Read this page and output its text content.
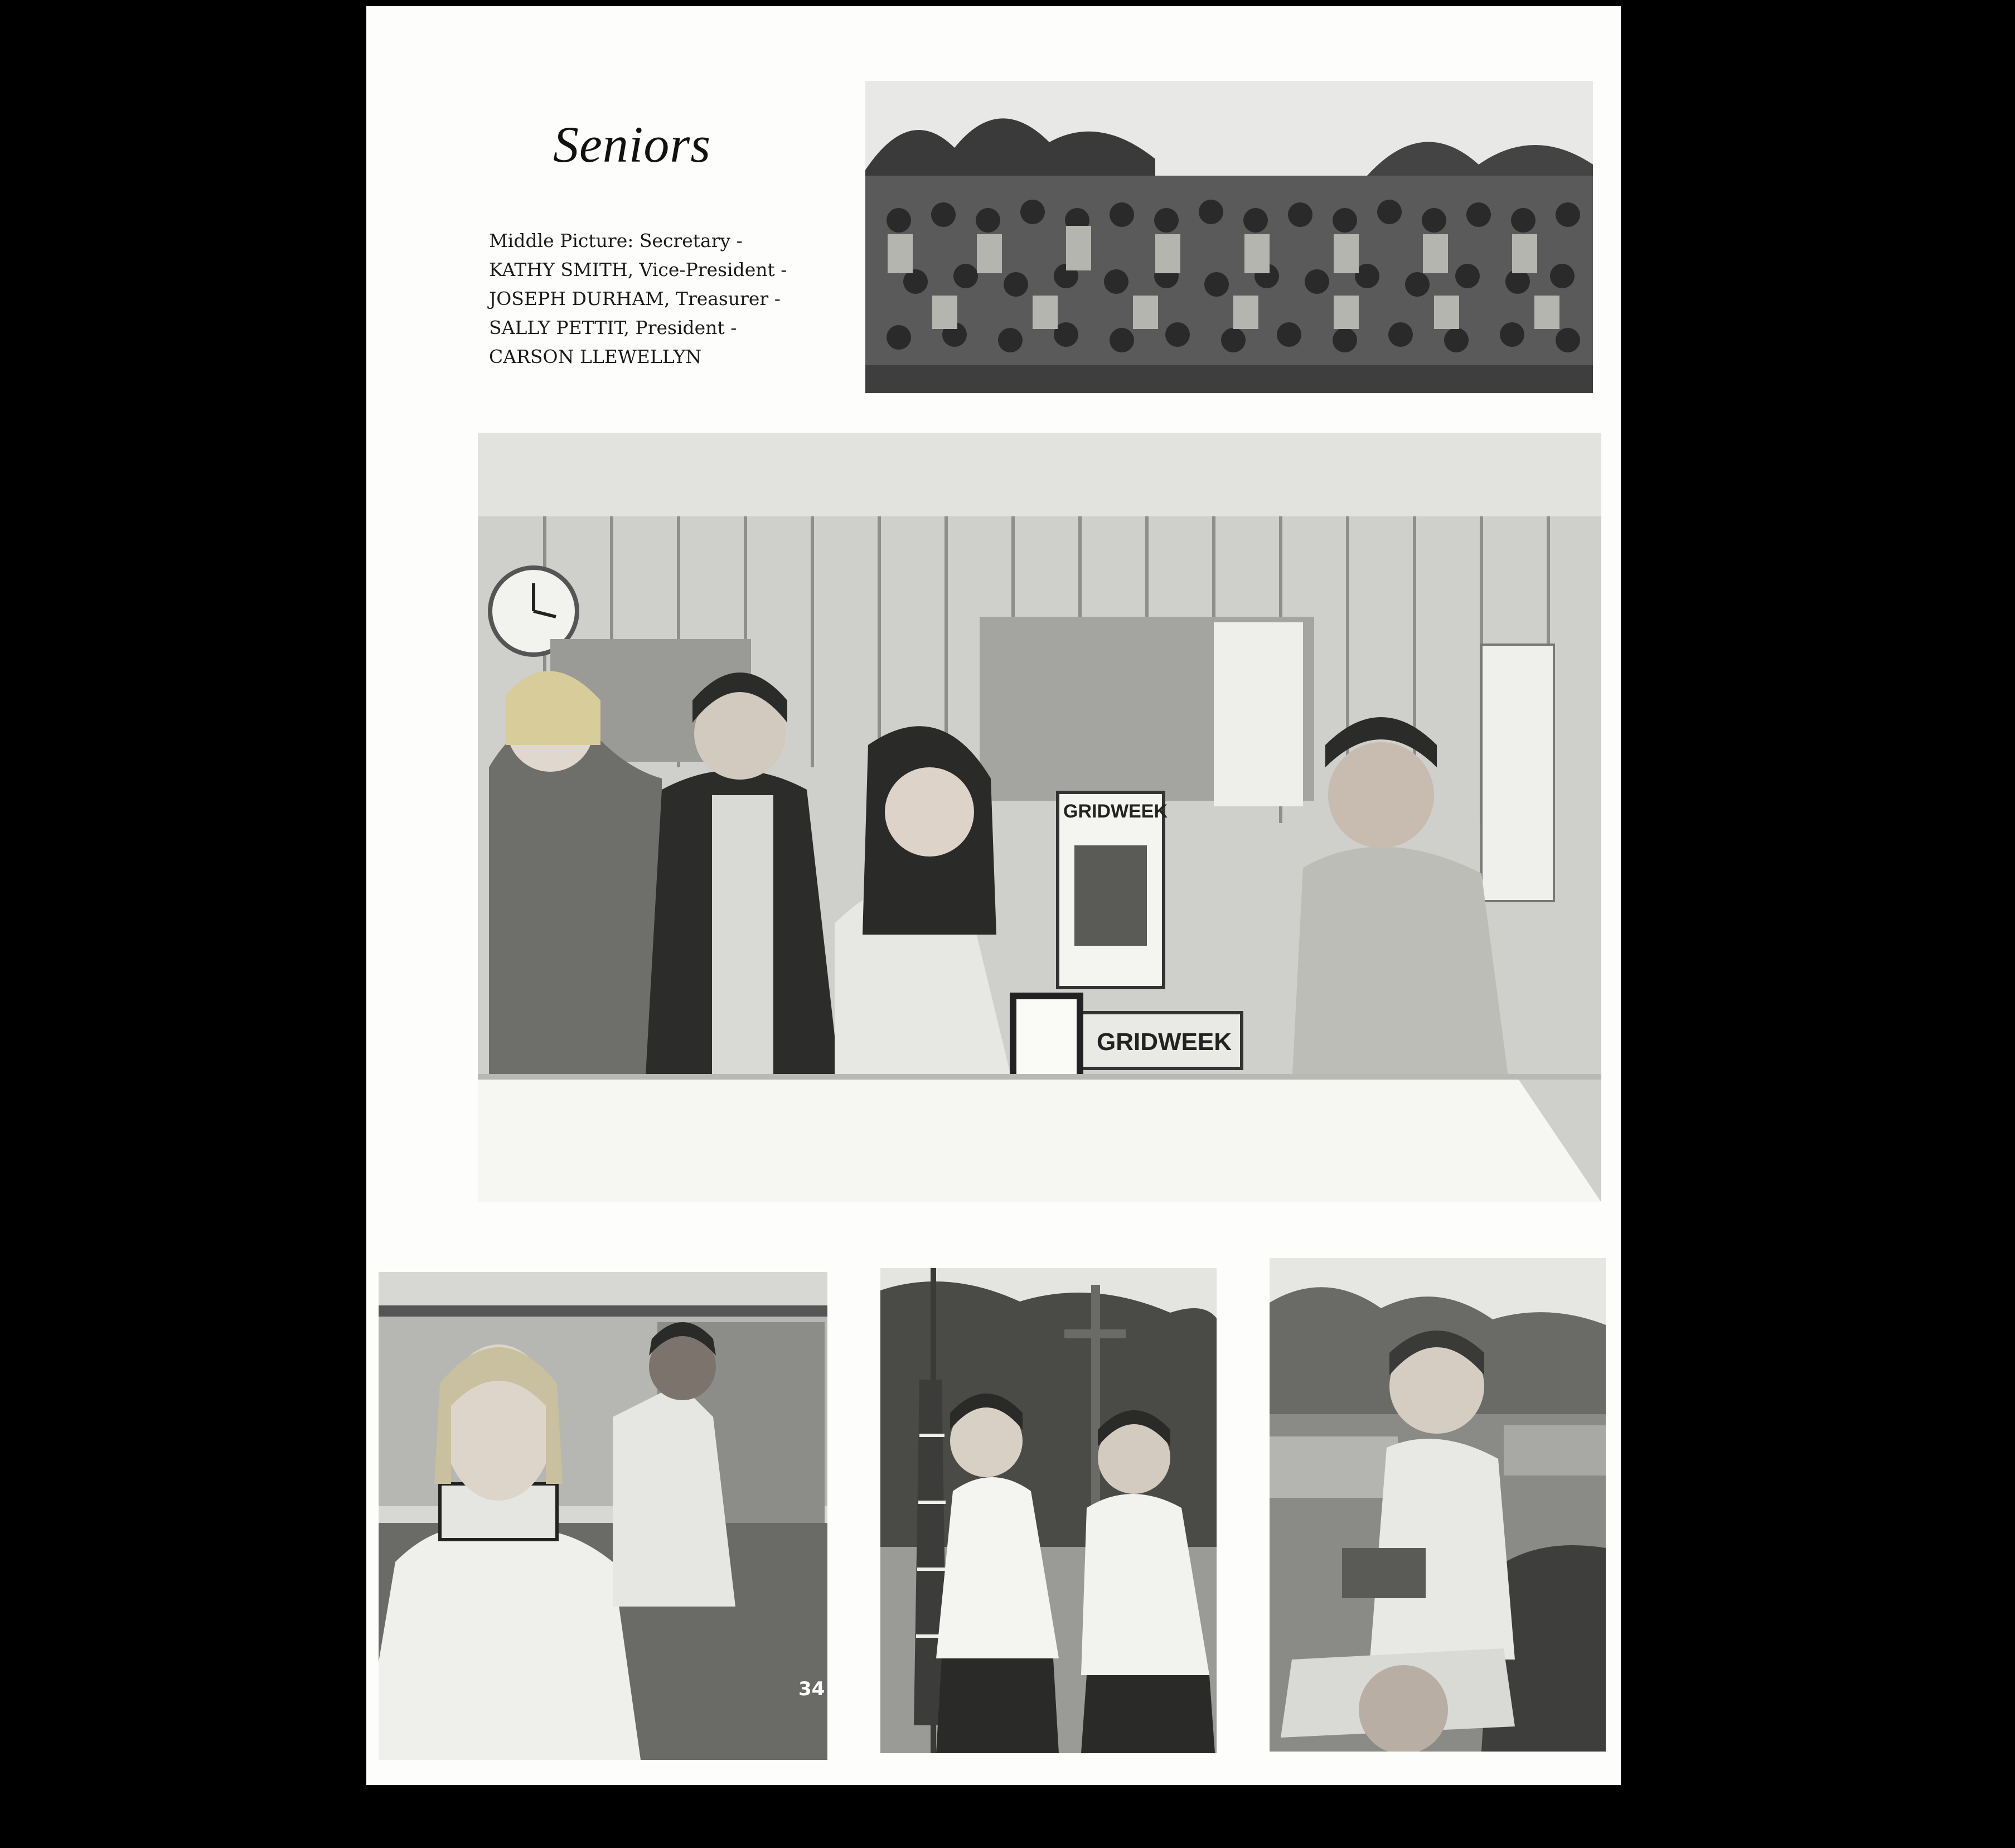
Seniors
Middle Picture: Secretary -
KATHY SMITH, Vice-President -
JOSEPH DURHAM, Treasurer -
SALLY PETTIT, President -
CARSON LLEWELLYN
GRIDWEEK
GRIDWEEK
34
